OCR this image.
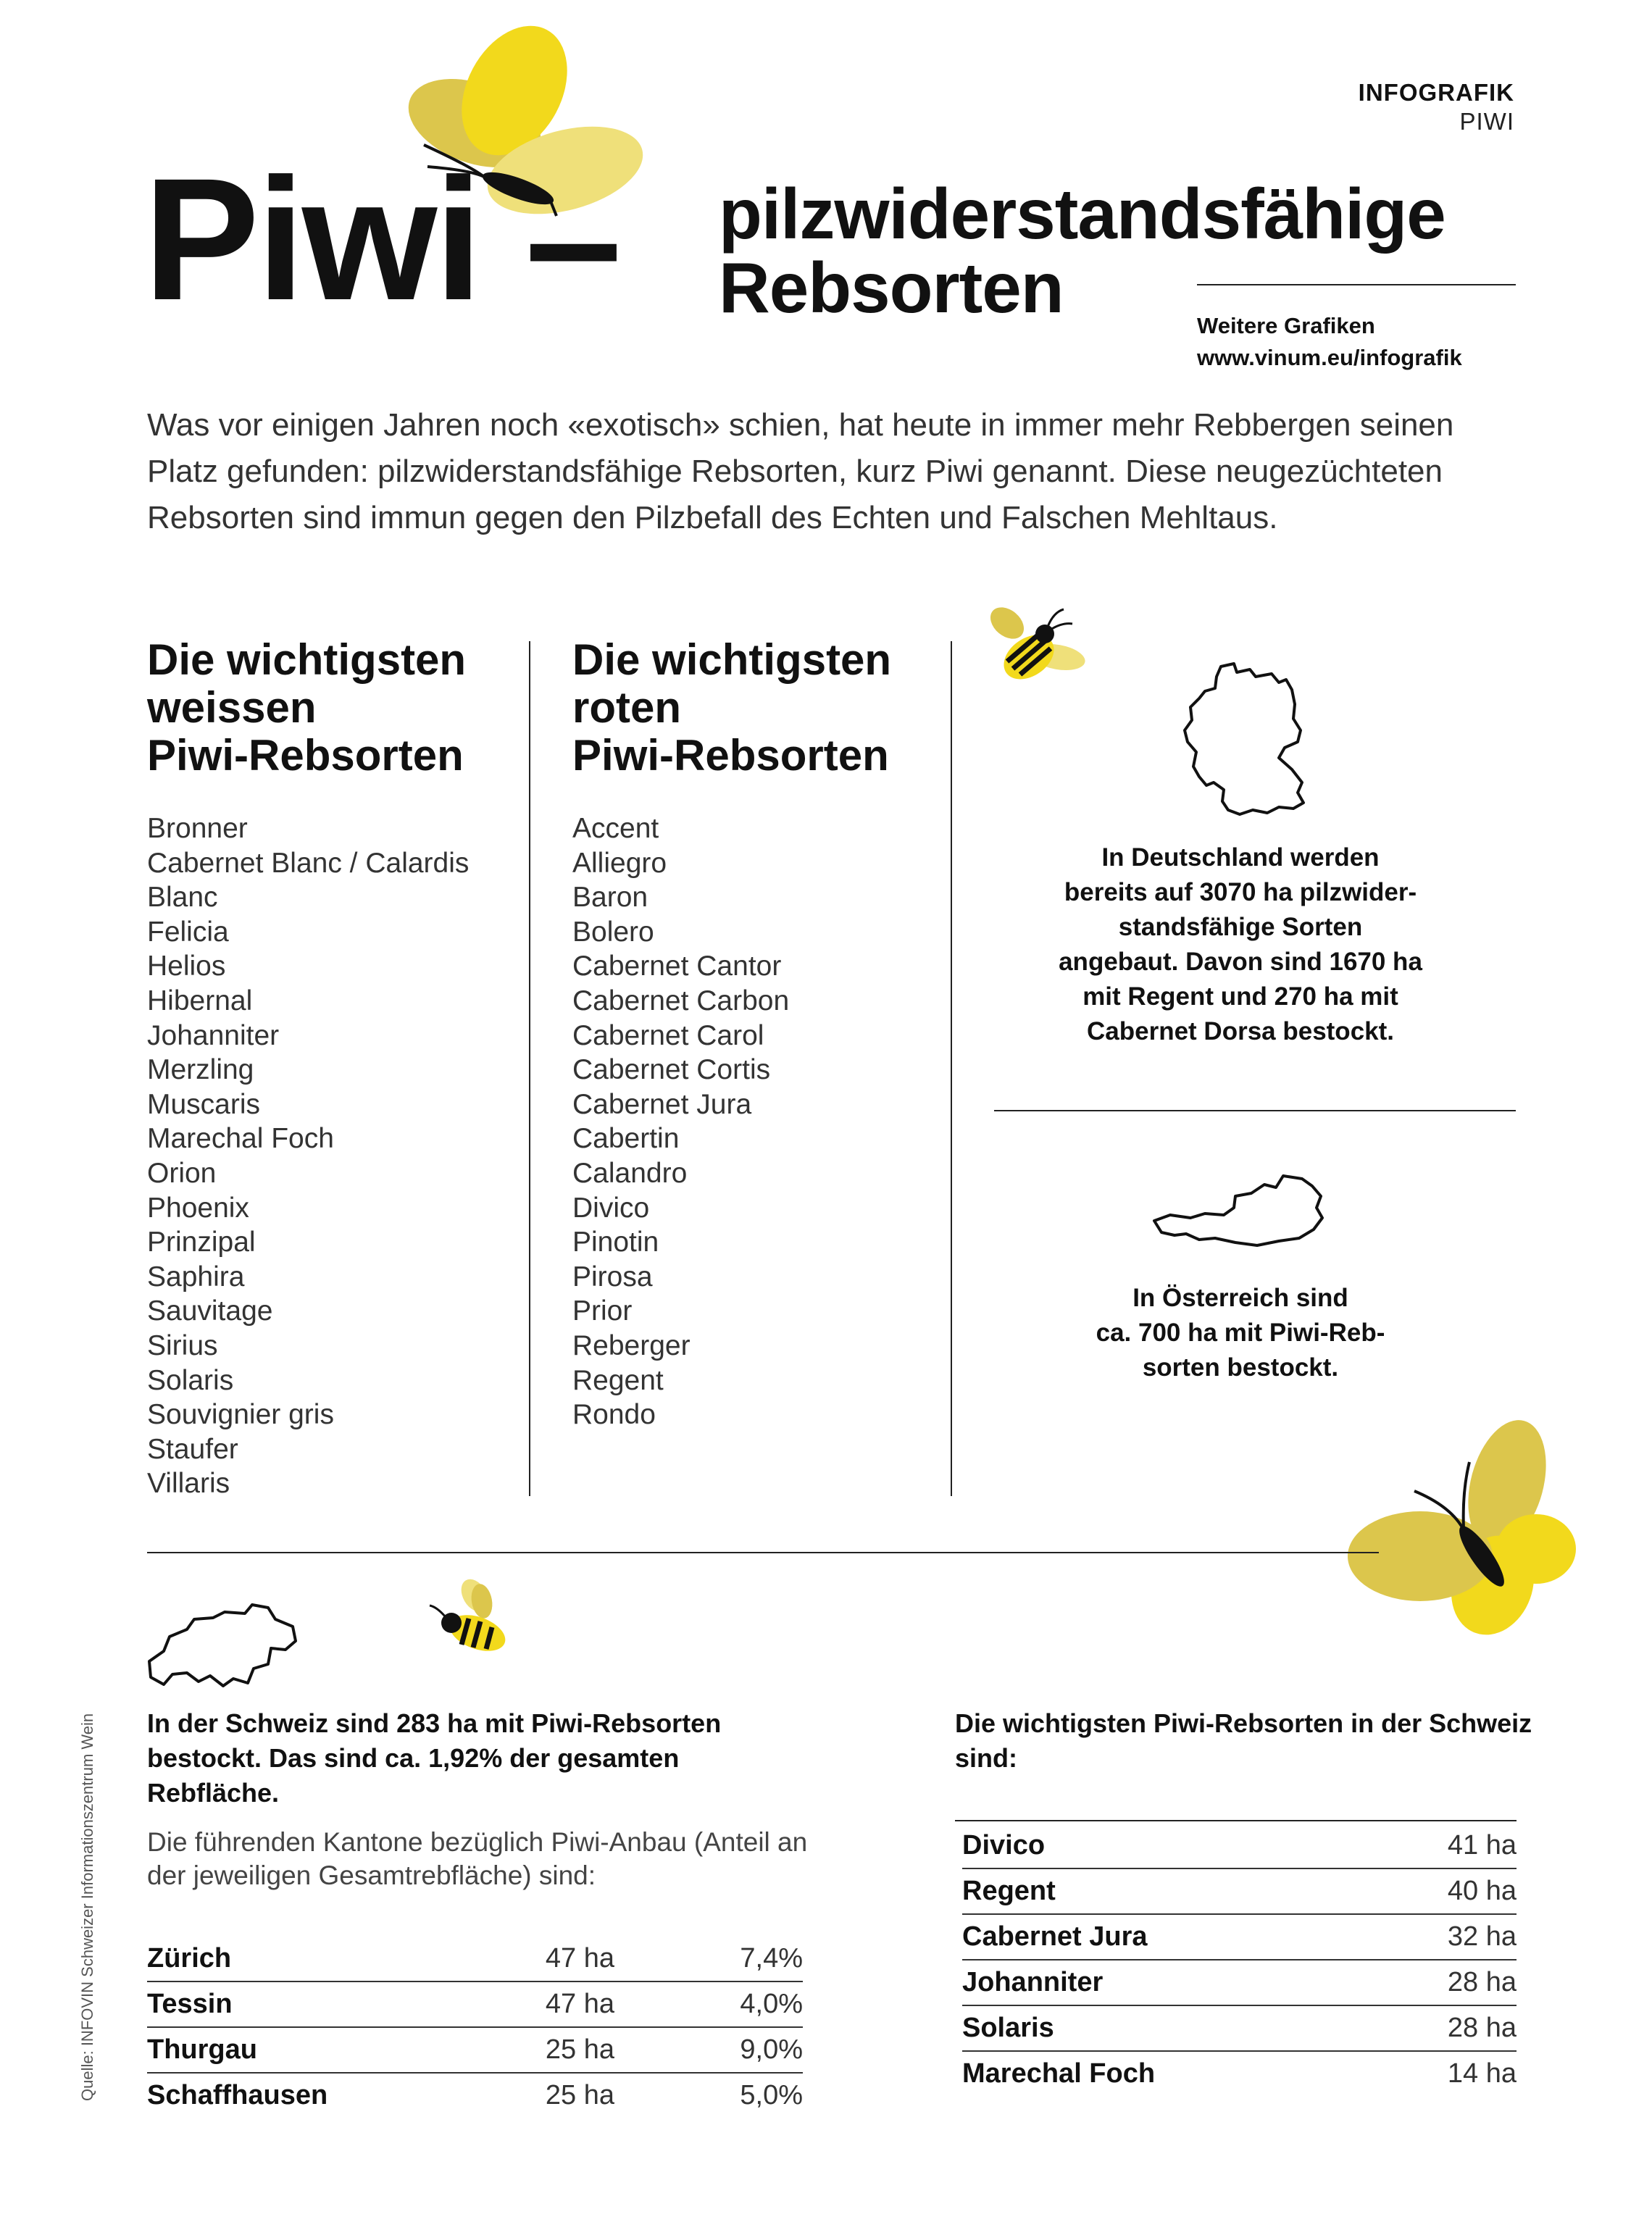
INFOGRAFIK
PIWI
Piwi – pilzwiderstandsfähige
Rebsorten	Weitere Grafiken
www.vinum.eu/infografik
Was vor einigen Jahren noch «exotisch» schien, hat heute in immer mehr Rebbergen seinen Platz gefunden: pilzwiderstandsfähige Rebsorten, kurz Piwi genannt. Diese neugezüchteten Rebsorten sind immun gegen den Pilzbefall des Echten und Falschen Mehltaus.
Die wichtigsten
weissen
Piwi-Rebsorten
Bronner
Cabernet Blanc / Calardis
Blanc
Felicia
Helios
Hibernal
Johanniter
Merzling
Muscaris
Marechal Foch
Orion
Phoenix
Prinzipal
Saphira
Sauvitage
Sirius
Solaris
Souvignier gris
Staufer
Villaris
Die wichtigsten
roten
Piwi-Rebsorten
Accent
Alliegro
Baron
Bolero
Cabernet Cantor
Cabernet Carbon
Cabernet Carol
Cabernet Cortis
Cabernet Jura
Cabertin
Calandro
Divico
Pinotin
Pirosa
Prior
Reberger
Regent
Rondo
In Deutschland werden
bereits auf 3070 ha pilzwider-
standsfähige Sorten
angebaut. Davon sind 1670 ha
mit Regent und 270 ha mit
Cabernet Dorsa bestockt.
In Österreich sind
ca. 700 ha mit Piwi-Reb-
sorten bestockt.
In der Schweiz sind 283 ha mit Piwi-Rebsorten bestockt. Das sind ca. 1,92% der gesamten Rebfläche.
Die führenden Kantone bezüglich Piwi-Anbau (Anteil an der jeweiligen Gesamtrebfläche) sind:
Zürich	47 ha	7,4%
Tessin	47 ha	4,0%
Thurgau	25 ha	9,0%
Schaffhausen	25 ha	5,0%
Die wichtigsten Piwi-Rebsorten in der Schweiz sind:
Divico	41 ha
Regent	40 ha
Cabernet Jura	32 ha
Johanniter	28 ha
Solaris	28 ha
Marechal Foch	14 ha
Quelle: INFOVIN Schweizer Informationszentrum Wein
